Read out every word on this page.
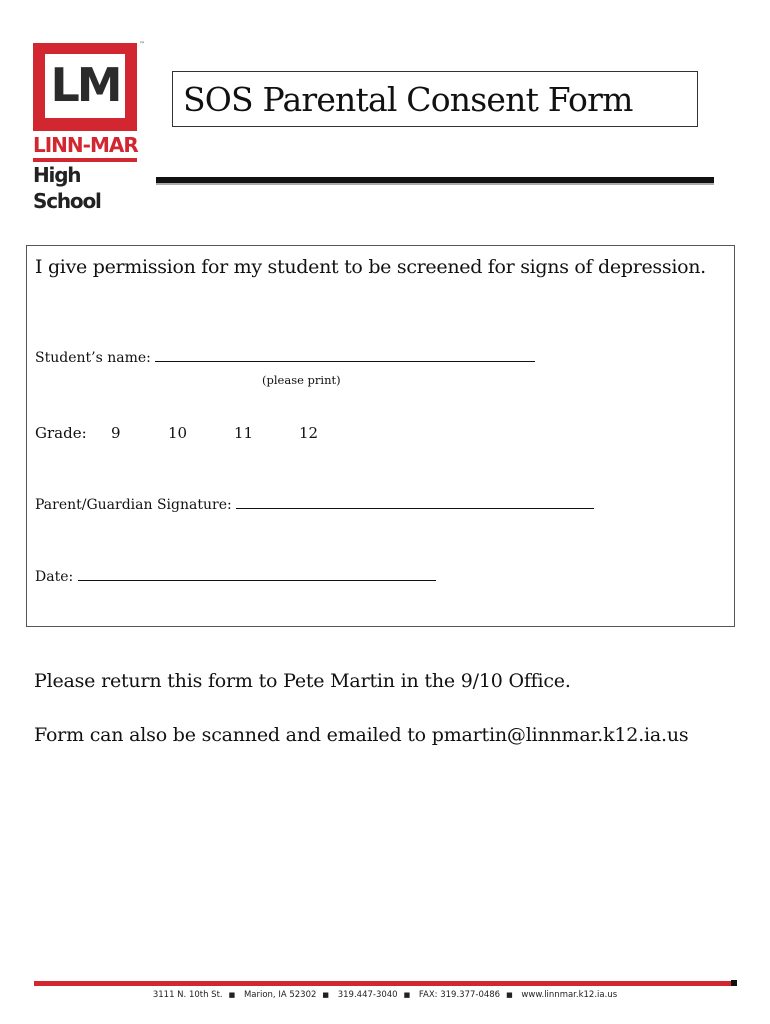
LM
™
LINN-MAR
High School
SOS Parental Consent Form
I give permission for my student to be screened for signs of depression.
Student’s name:
(please print)
Grade: 9	10	11	12
Parent/Guardian Signature:
Date:
Please return this form to Pete Martin in the 9/10 Office.
Form can also be scanned and emailed to pmartin@linnmar.k12.ia.us
3111 N. 10th St. ■ Marion, IA 52302 ■ 319.447-3040 ■ FAX: 319.377-0486 ■ www.linnmar.k12.ia.us
